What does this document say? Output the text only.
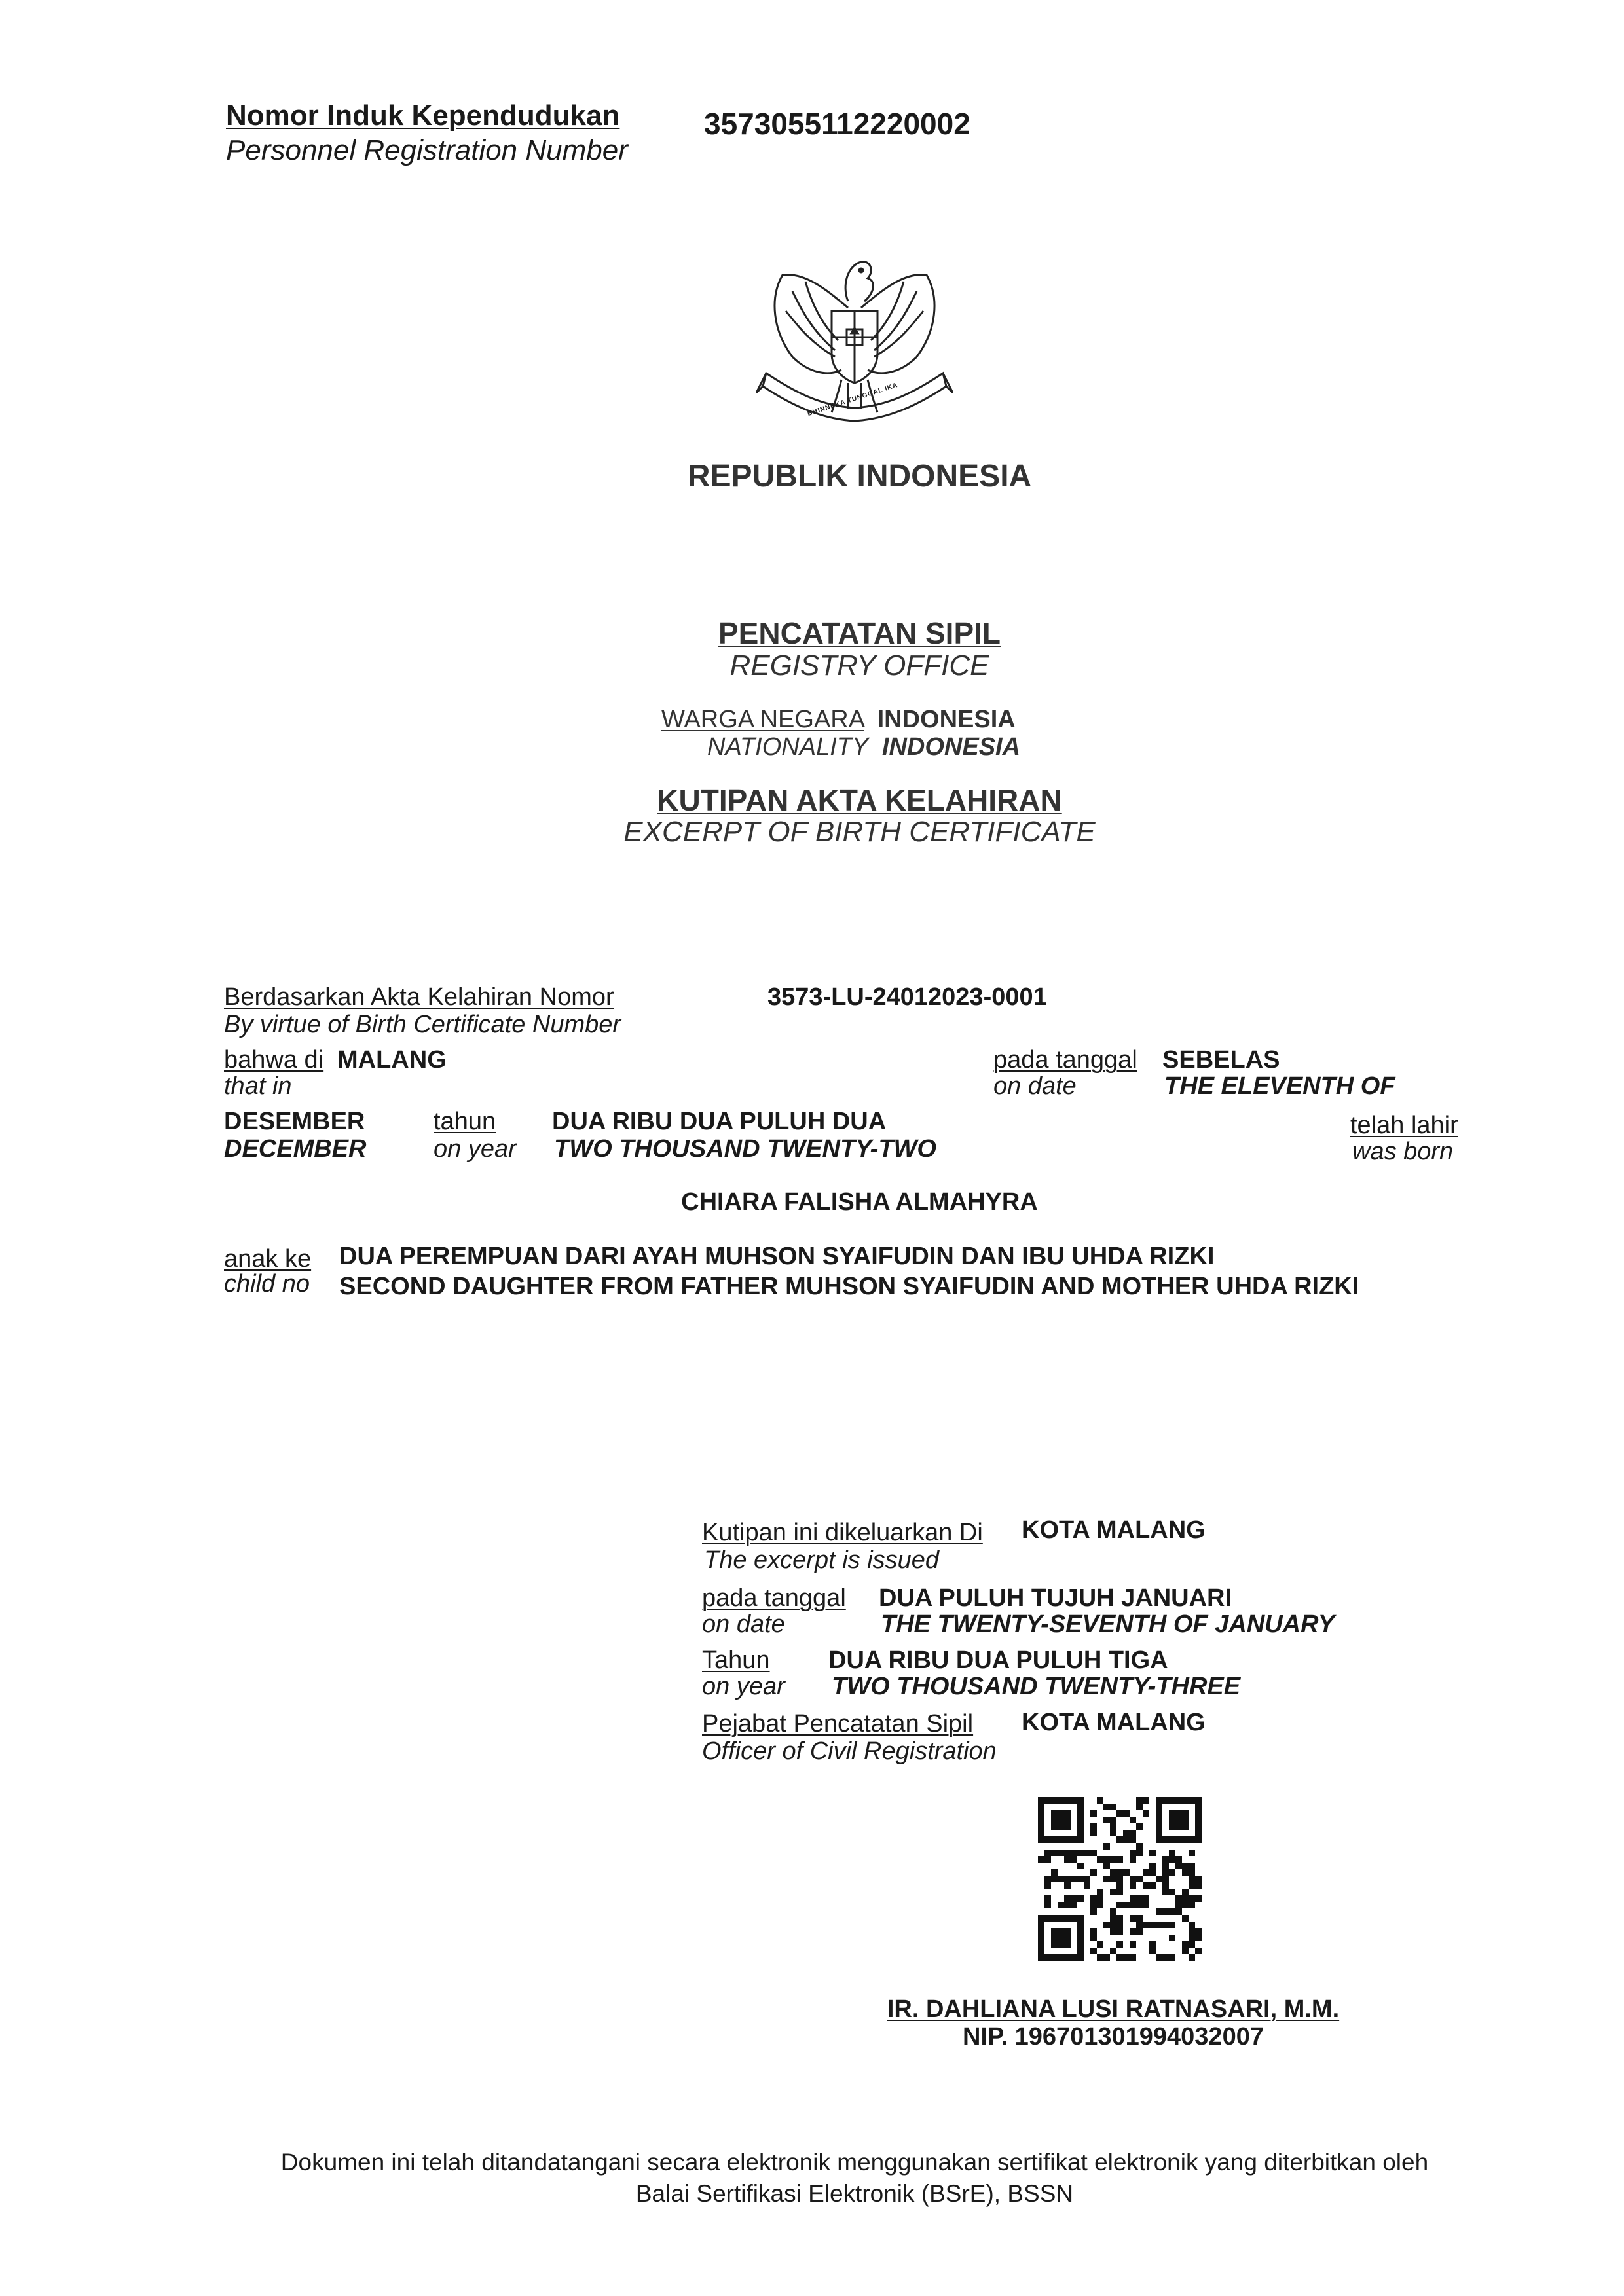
Nomor Induk Kependudukan
Personnel Registration Number
3573055112220002
BHINNEKA TUNGGAL IKA
REPUBLIK INDONESIA
PENCATATAN SIPIL
REGISTRY OFFICE
WARGA NEGARA INDONESIA
NATIONALITY INDONESIA
KUTIPAN AKTA KELAHIRAN
EXCERPT OF BIRTH CERTIFICATE
Berdasarkan Akta Kelahiran Nomor
By virtue of Birth Certificate Number
3573-LU-24012023-0001
bahwa di MALANG
that in
pada tanggal
on date
SEBELAS
THE ELEVENTH OF
DESEMBER
DECEMBER
tahun
on year
DUA RIBU DUA PULUH DUA
TWO THOUSAND TWENTY-TWO
telah lahir
was born
CHIARA FALISHA ALMAHYRA
anak ke
child no
DUA PEREMPUAN DARI AYAH MUHSON SYAIFUDIN DAN IBU UHDA RIZKI
SECOND DAUGHTER FROM FATHER MUHSON SYAIFUDIN AND MOTHER UHDA RIZKI
Kutipan ini dikeluarkan Di
The excerpt is issued
KOTA MALANG
pada tanggal
on date
DUA PULUH TUJUH JANUARI
THE TWENTY-SEVENTH OF JANUARY
Tahun
on year
DUA RIBU DUA PULUH TIGA
TWO THOUSAND TWENTY-THREE
Pejabat Pencatatan Sipil
Officer of Civil Registration
KOTA MALANG
IR. DAHLIANA LUSI RATNASARI, M.M.
NIP. 196701301994032007
Dokumen ini telah ditandatangani secara elektronik menggunakan sertifikat elektronik yang diterbitkan oleh
Balai Sertifikasi Elektronik (BSrE), BSSN
